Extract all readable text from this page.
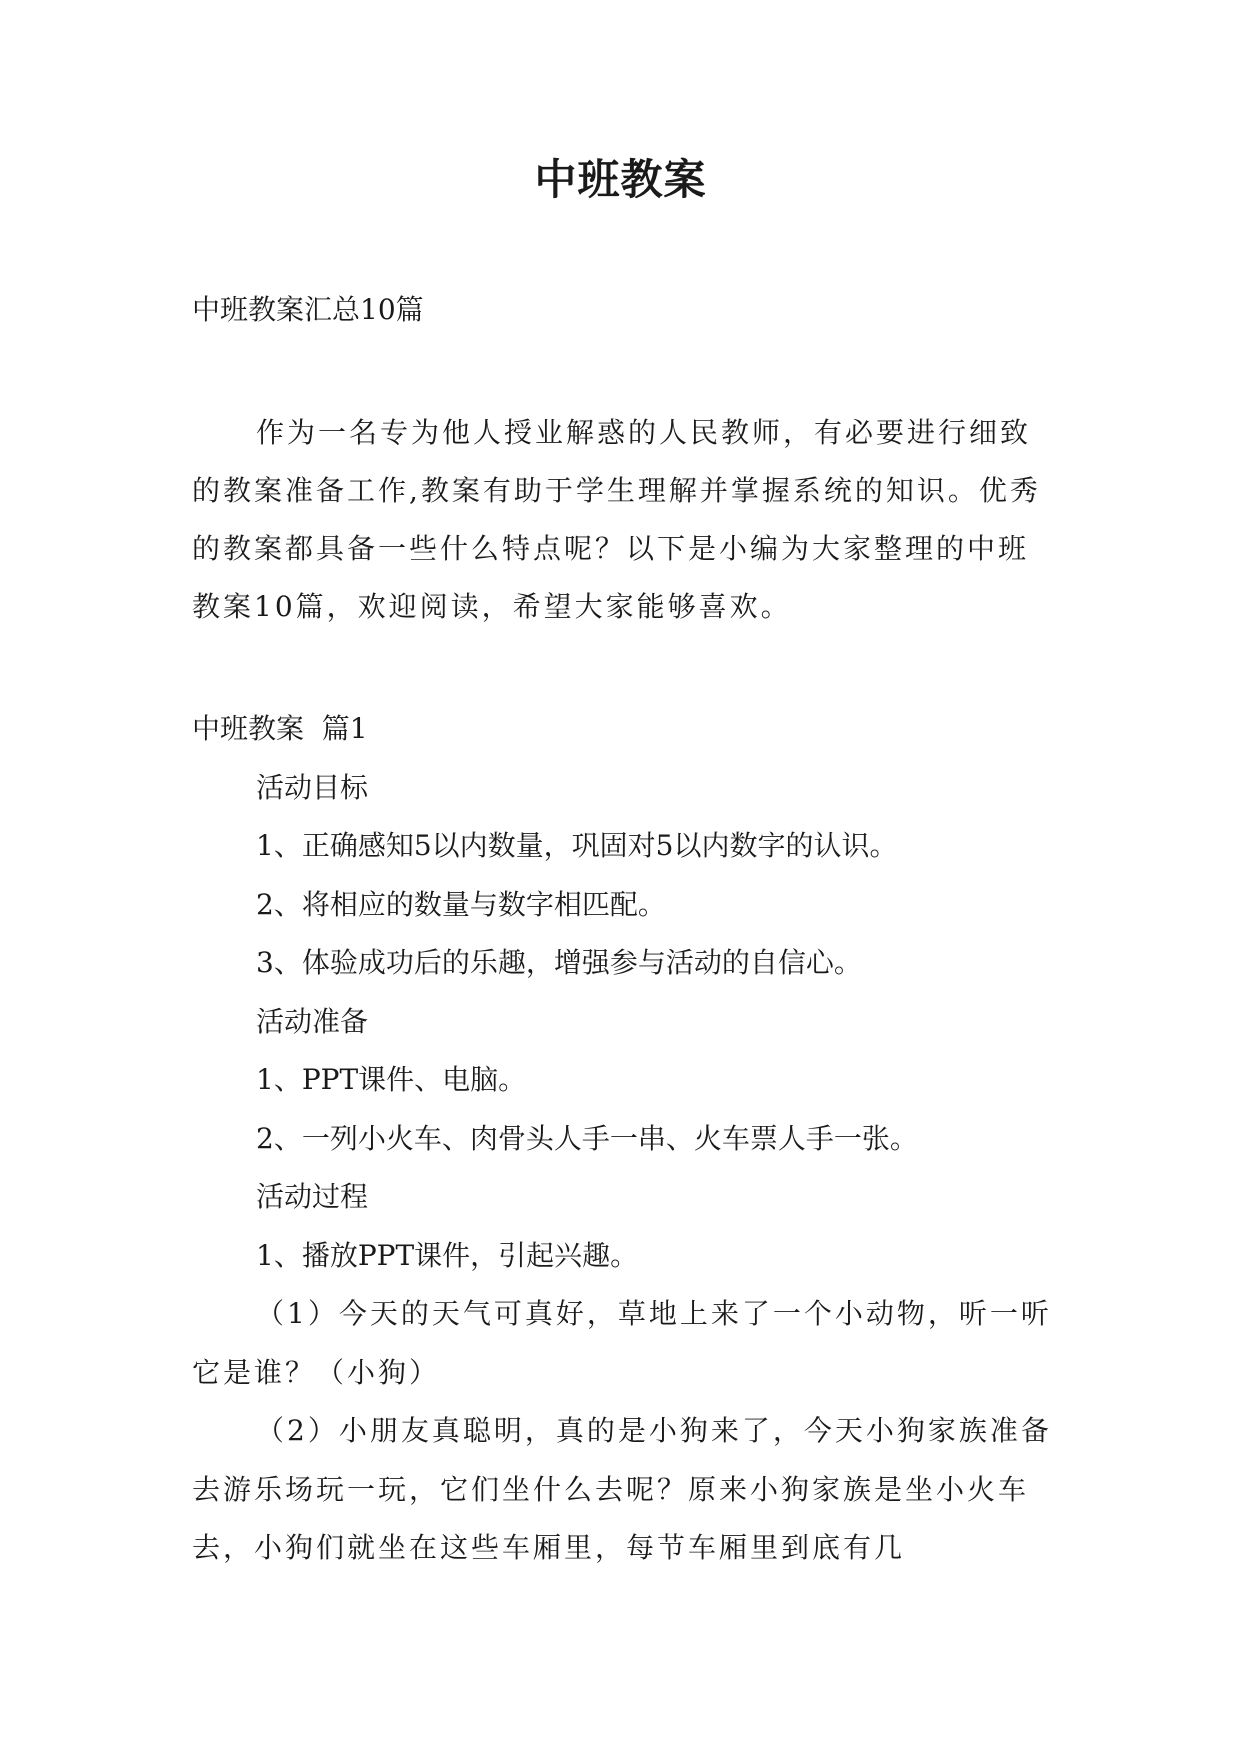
中班教案
中班教案汇总10篇
作为一名专为他人授业解惑的人民教师，有必要进行细致的教案准备工作,教案有助于学生理解并掌握系统的知识。优秀的教案都具备一些什么特点呢？以下是小编为大家整理的中班教案10篇，欢迎阅读，希望大家能够喜欢。
中班教案  篇1
活动目标
1、正确感知5以内数量，巩固对5以内数字的认识。
2、将相应的数量与数字相匹配。
3、体验成功后的乐趣，增强参与活动的自信心。
活动准备
1、PPT课件、电脑。
2、一列小火车、肉骨头人手一串、火车票人手一张。
活动过程
1、播放PPT课件，引起兴趣。
（1）今天的天气可真好，草地上来了一个小动物，听一听它是谁？（小狗）
（2）小朋友真聪明，真的是小狗来了，今天小狗家族准备去游乐场玩一玩，它们坐什么去呢？原来小狗家族是坐小火车去，小狗们就坐在这些车厢里，每节车厢里到底有几
